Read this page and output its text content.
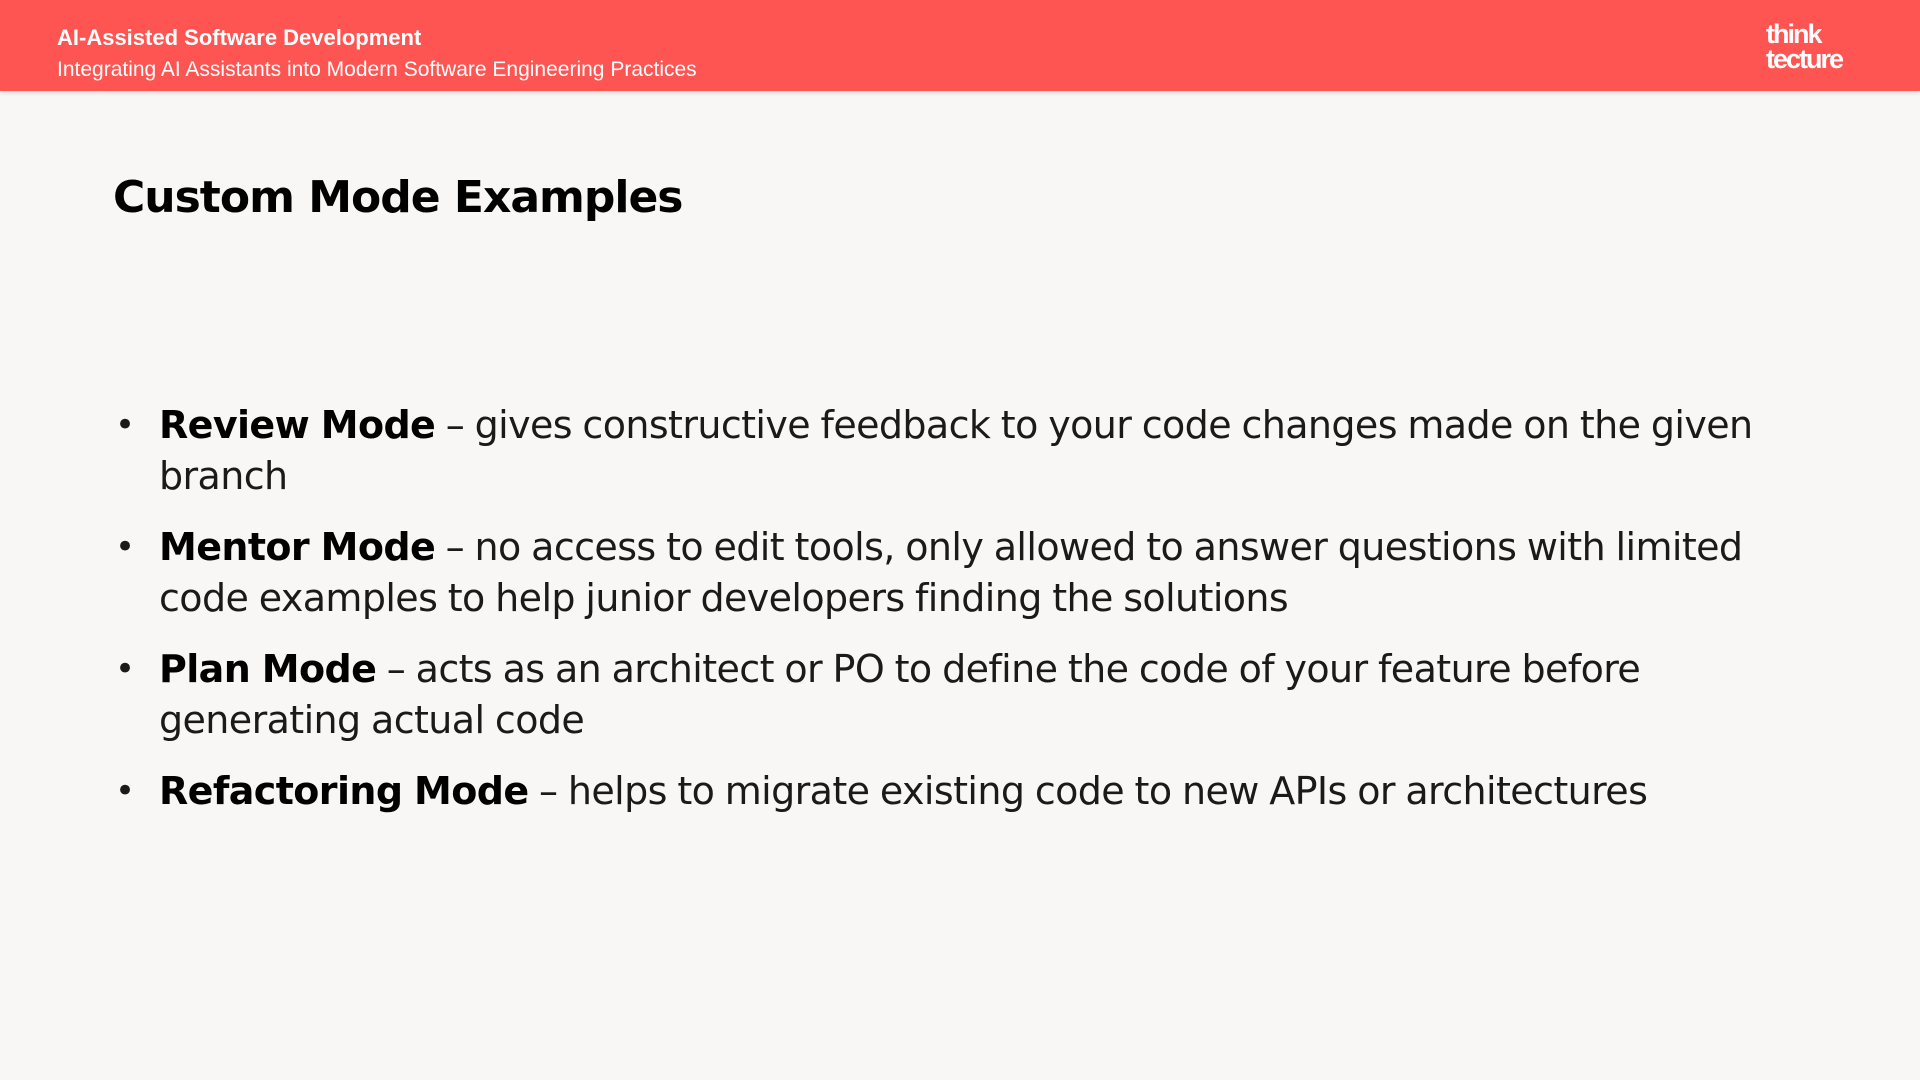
AI-Assisted Software Development
Integrating AI Assistants into Modern Software Engineering Practices
think
tecture
Custom Mode Examples
• Review Mode – gives constructive feedback to your code changes made on the given branch
• Mentor Mode – no access to edit tools, only allowed to answer questions with limited code examples to help junior developers finding the solutions
• Plan Mode – acts as an architect or PO to define the code of your feature before generating actual code
• Refactoring Mode – helps to migrate existing code to new APIs or architectures
